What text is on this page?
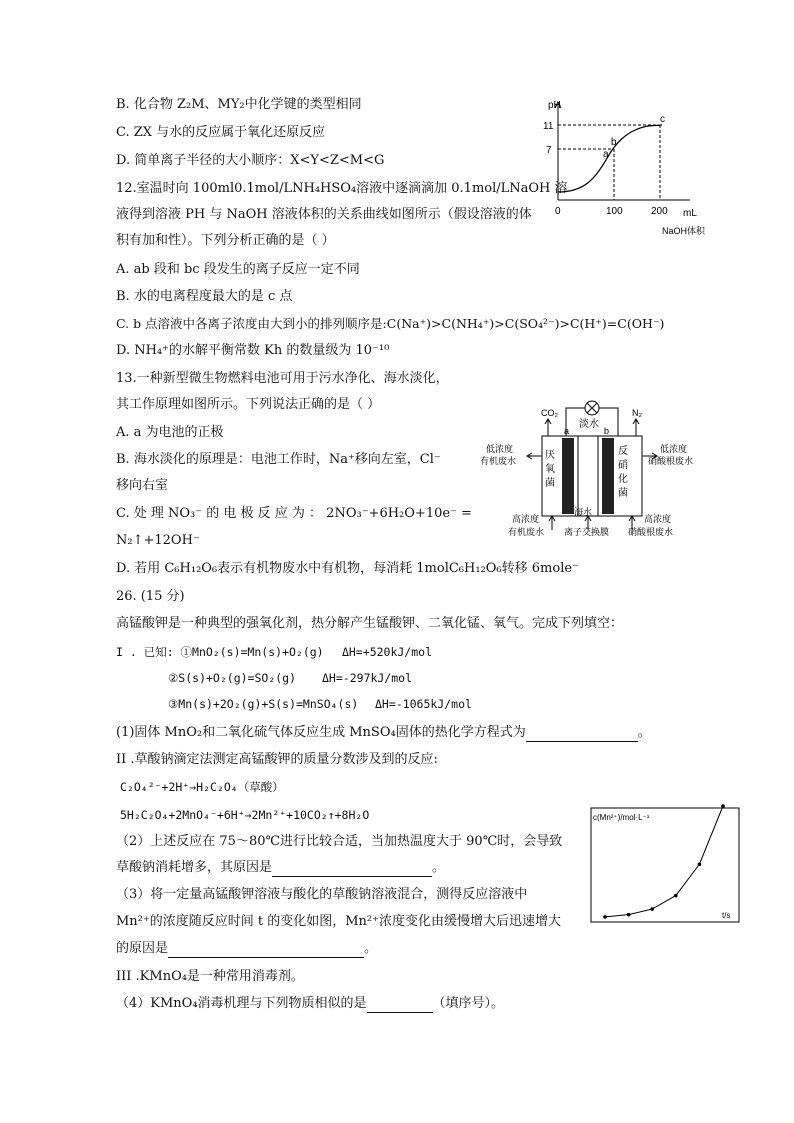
B. 化合物 Z₂M、MY₂中化学键的类型相同
C. ZX 与水的反应属于氧化还原反应
D. 简单离子半径的大小顺序：X<Y<Z<M<G
12.室温时向 100ml0.1mol/LNH₄HSO₄溶液中逐滴滴加 0.1mol/LNaOH 溶
液得到溶液 PH 与 NaOH 溶液体积的关系曲线如图所示（假设溶液的体
积有加和性）。下列分析正确的是（ ）
A. ab 段和 bc 段发生的离子反应一定不同
B. 水的电离程度最大的是 c 点
C. b 点溶液中各离子浓度由大到小的排列顺序是:C(Na⁺)>C(NH₄⁺)>C(SO₄²⁻)>C(H⁺)=C(OH⁻)
D. NH₄⁺的水解平衡常数 Kh 的数量级为 10⁻¹⁰
13.一种新型微生物燃料电池可用于污水净化、海水淡化，
其工作原理如图所示。下列说法正确的是（ ）
A. a 为电池的正极
B. 海水淡化的原理是：电池工作时，Na⁺移向左室，Cl⁻
移向右室
C. 处 理 NO₃⁻ 的 电 极 反 应 为 ： 2NO₃⁻+6H₂O+10e⁻ =
N₂↑+12OH⁻
D. 若用 C₆H₁₂O₆表示有机物废水中有机物，每消耗 1molC₆H₁₂O₆转移 6mole⁻
26. (15 分)
高锰酸钾是一种典型的强氧化剂，热分解产生锰酸钾、二氧化锰、氧气。完成下列填空：
I . 已知: ①MnO₂(s)=Mn(s)+O₂(g) ΔH=+520kJ/mol
②S(s)+O₂(g)=SO₂(g) ΔH=-297kJ/mol
③Mn(s)+2O₂(g)+S(s)=MnSO₄(s) ΔH=-1065kJ/mol
(1)固体 MnO₂和二氧化硫气体反应生成 MnSO₄固体的热化学方程式为	。
II .草酸钠滴定法测定高锰酸钾的质量分数涉及到的反应:
C₂O₄²⁻+2H⁺→H₂C₂O₄（草酸）
5H₂C₂O₄+2MnO₄⁻+6H⁺→2Mn²⁺+10CO₂↑+8H₂O
（2）上述反应在 75～80℃进行比较合适，当加热温度大于 90℃时，会导致
草酸钠消耗增多，其原因是	。
（3）将一定量高锰酸钾溶液与酸化的草酸钠溶液混合，测得反应溶液中
Mn²⁺的浓度随反应时间 t 的变化如图，Mn²⁺浓度变化由缓慢增大后迅速增大
的原因是	。
III .KMnO₄是一种常用消毒剂。
（4）KMnO₄消毒机理与下列物质相似的是	（填序号）。
pH
11
7
0	100	200 mL
NaOH体积
a
b
c
CO₂	N₂
淡水
a	b
厌
氧
菌
反
硝
化
菌
低浓度
有机废水
低浓度
硝酸根废水
海水
高浓度
有机废水 离子交换膜
高浓度
硝酸根废水
c(Mn²⁺)/mol·L⁻¹
t/s
